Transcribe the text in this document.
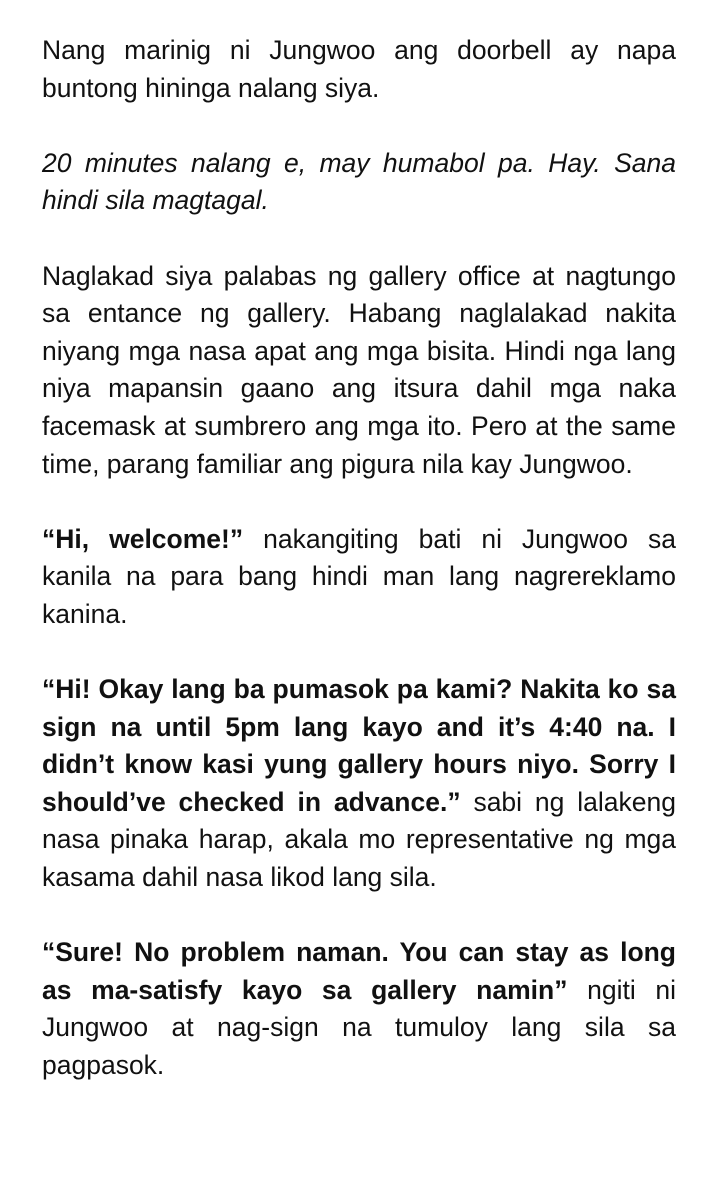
Nang marinig ni Jungwoo ang doorbell ay napa buntong hininga nalang siya.

20 minutes nalang e, may humabol pa. Hay. Sana hindi sila magtagal.

Naglakad siya palabas ng gallery office at nagtungo sa entance ng gallery. Habang naglalakad nakita niyang mga nasa apat ang mga bisita. Hindi nga lang niya mapansin gaano ang itsura dahil mga naka facemask at sumbrero ang mga ito. Pero at the same time, parang familiar ang pigura nila kay Jungwoo.

“Hi, welcome!” nakangiting bati ni Jungwoo sa kanila na para bang hindi man lang nagrereklamo kanina.

“Hi! Okay lang ba pumasok pa kami? Nakita ko sa sign na until 5pm lang kayo and it’s 4:40 na. I didn’t know kasi yung gallery hours niyo. Sorry I should’ve checked in advance.” sabi ng lalakeng nasa pinaka harap, akala mo representative ng mga kasama dahil nasa likod lang sila.

“Sure! No problem naman. You can stay as long as ma-satisfy kayo sa gallery namin” ngiti ni Jungwoo at nag-sign na tumuloy lang sila sa pagpasok.
